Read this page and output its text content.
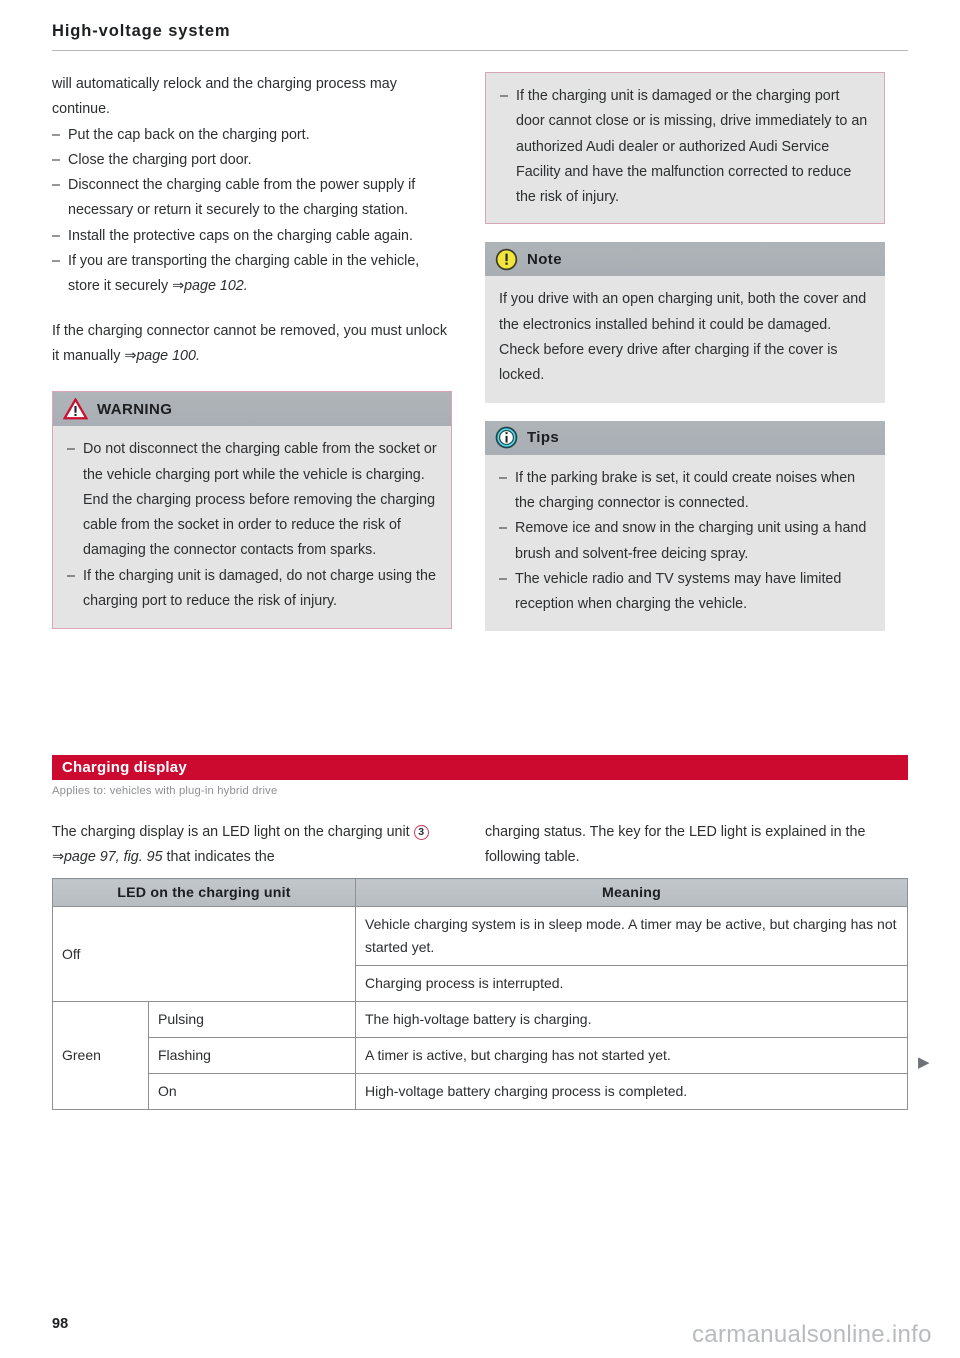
High-voltage system

will automatically relock and the charging process may continue.

– Put the cap back on the charging port.
– Close the charging port door.
– Disconnect the charging cable from the power supply if necessary or return it securely to the charging station.
– Install the protective caps on the charging cable again.
– If you are transporting the charging cable in the vehicle, store it securely ⇒page 102.

If the charging connector cannot be removed, you must unlock it manually ⇒page 100.

WARNING
– Do not disconnect the charging cable from the socket or the vehicle charging port while the vehicle is charging. End the charging process before removing the charging cable from the socket in order to reduce the risk of damaging the connector contacts from sparks.
– If the charging unit is damaged, do not charge using the charging port to reduce the risk of injury.
– If the charging unit is damaged or the charging port door cannot close or is missing, drive immediately to an authorized Audi dealer or authorized Audi Service Facility and have the malfunction corrected to reduce the risk of injury.
Note

If you drive with an open charging unit, both the cover and the electronics installed behind it could be damaged. Check before every drive after charging if the cover is locked.

Tips
– If the parking brake is set, it could create noises when the charging connector is connected.
– Remove ice and snow in the charging unit using a hand brush and solvent-free deicing spray.
– The vehicle radio and TV systems may have limited reception when charging the vehicle.
Charging display
Applies to: vehicles with plug-in hybrid drive

The charging display is an LED light on the charging unit 3 ⇒page 97, fig. 95 that indicates the

charging status. The key for the LED light is explained in the following table.

LED on the charging unit		Meaning
Off		Vehicle charging system is in sleep mode. A timer may be active, but charging has not started yet.
		Charging process is interrupted.
Green	Pulsing	The high-voltage battery is charging.
	Flashing	A timer is active, but charging has not started yet.
	On	High-voltage battery charging process is completed.
▶
98	carmanualsonline.info
